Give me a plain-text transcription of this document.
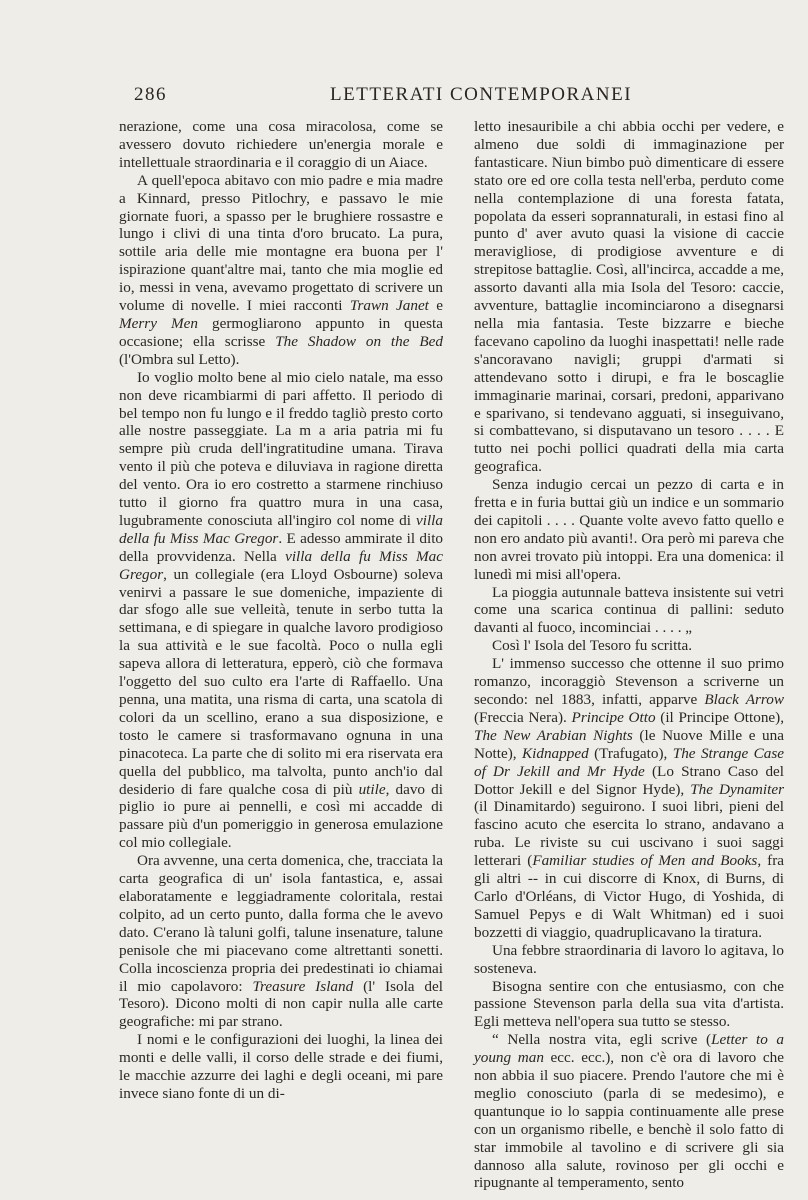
286	LETTERATI CONTEMPORANEI

nerazione, come una cosa miracolosa, come se avessero dovuto richiedere un'energia morale e intellettuale straordinaria e il coraggio di un Aiace.

A quell'epoca abitavo con mio padre e mia madre a Kinnard, presso Pitlochry, e passavo le mie giornate fuori, a spasso per le brughiere rossastre e lungo i clivi di una tinta d'oro brucato. La pura, sottile aria delle mie montagne era buona per l' ispirazione quant'altre mai, tanto che mia moglie ed io, messi in vena, avevamo progettato di scrivere un volume di novelle. I miei racconti Trawn Janet e Merry Men germogliarono appunto in questa occasione; ella scrisse The Shadow on the Bed (l'Ombra sul Letto).

Io voglio molto bene al mio cielo natale, ma esso non deve ricambiarmi di pari affetto. Il periodo di bel tempo non fu lungo e il freddo tagliò presto corto alle nostre passeggiate. La m a aria patria mi fu sempre più cruda dell'ingratitudine umana. Tirava vento il più che poteva e diluviava in ragione diretta del vento. Ora io ero costretto a starmene rinchiuso tutto il giorno fra quattro mura in una casa, lugubramente conosciuta all'ingiro col nome di villa della fu Miss Mac Gregor. E adesso ammirate il dito della provvidenza. Nella villa della fu Miss Mac Gregor, un collegiale (era Lloyd Osbourne) soleva venirvi a passare le sue domeniche, impaziente di dar sfogo alle sue velleità, tenute in serbo tutta la settimana, e di spiegare in qualche lavoro prodigioso la sua attività e le sue facoltà. Poco o nulla egli sapeva allora di letteratura, epperò, ciò che formava l'oggetto del suo culto era l'arte di Raffaello. Una penna, una matita, una risma di carta, una scatola di colori da un scellino, erano a sua disposizione, e tosto le camere si trasformavano ognuna in una pinacoteca. La parte che di solito mi era riservata era quella del pubblico, ma talvolta, punto anch'io dal desiderio di fare qualche cosa di più utile, davo di piglio io pure ai pennelli, e così mi accadde di passare più d'un pomeriggio in generosa emulazione col mio collegiale.

Ora avvenne, una certa domenica, che, tracciata la carta geografica di un' isola fantastica, e, assai elaboratamente e leggiadramente coloritala, restai colpito, ad un certo punto, dalla forma che le avevo dato. C'erano là taluni golfi, talune insenature, talune penisole che mi piacevano come altrettanti sonetti. Colla incoscienza propria dei predestinati io chiamai il mio capolavoro: Treasure Island (l' Isola del Tesoro). Dicono molti di non capir nulla alle carte geografiche: mi par strano.

I nomi e le configurazioni dei luoghi, la linea dei monti e delle valli, il corso delle strade e dei fiumi, le macchie azzurre dei laghi e degli oceani, mi pare invece siano fonte di un di-

letto inesauribile a chi abbia occhi per vedere, e almeno due soldi di immaginazione per fantasticare. Niun bimbo può dimenticare di essere stato ore ed ore colla testa nell'erba, perduto come nella contemplazione di una foresta fatata, popolata da esseri soprannaturali, in estasi fino al punto d' aver avuto quasi la visione di caccie meravigliose, di prodigiose avventure e di strepitose battaglie. Così, all'incirca, accadde a me, assorto davanti alla mia Isola del Tesoro: caccie, avventure, battaglie incominciarono a disegnarsi nella mia fantasia. Teste bizzarre e bieche facevano capolino da luoghi inaspettati! nelle rade s'ancoravano navigli; gruppi d'armati si attendevano sotto i dirupi, e fra le boscaglie immaginarie marinai, corsari, predoni, apparivano e sparivano, si tendevano agguati, si inseguivano, si combattevano, si disputavano un tesoro . . . . E tutto nei pochi pollici quadrati della mia carta geografica.

Senza indugio cercai un pezzo di carta e in fretta e in furia buttai giù un indice e un sommario dei capitoli . . . . Quante volte avevo fatto quello e non ero andato più avanti!. Ora però mi pareva che non avrei trovato più intoppi. Era una domenica: il lunedì mi misi all'opera.

La pioggia autunnale batteva insistente sui vetri come una scarica continua di pallini: seduto davanti al fuoco, incominciai . . . . „

Così l' Isola del Tesoro fu scritta.

L' immenso successo che ottenne il suo primo romanzo, incoraggiò Stevenson a scriverne un secondo: nel 1883, infatti, apparve Black Arrow (Freccia Nera). Principe Otto (il Principe Ottone), The New Arabian Nights (le Nuove Mille e una Notte), Kidnapped (Trafugato), The Strange Case of Dr Jekill and Mr Hyde (Lo Strano Caso del Dottor Jekill e del Signor Hyde), The Dynamiter (il Dinamitardo) seguirono. I suoi libri, pieni del fascino acuto che esercita lo strano, andavano a ruba. Le riviste su cui uscivano i suoi saggi letterari (Familiar studies of Men and Books, fra gli altri -- in cui discorre di Knox, di Burns, di Carlo d'Orléans, di Victor Hugo, di Yoshida, di Samuel Pepys e di Walt Whitman) ed i suoi bozzetti di viaggio, quadruplicavano la tiratura.

Una febbre straordinaria di lavoro lo agitava, lo sosteneva.

Bisogna sentire con che entusiasmo, con che passione Stevenson parla della sua vita d'artista. Egli metteva nell'opera sua tutto se stesso.

“ Nella nostra vita, egli scrive (Letter to a young man ecc. ecc.), non c'è ora di lavoro che non abbia il suo piacere. Prendo l'autore che mi è meglio conosciuto (parla di se medesimo), e quantunque io lo sappia continuamente alle prese con un organismo ribelle, e benchè il solo fatto di star immobile al tavolino e di scrivere gli sia dannoso alla salute, rovinoso per gli occhi e ripugnante al temperamento, sento
